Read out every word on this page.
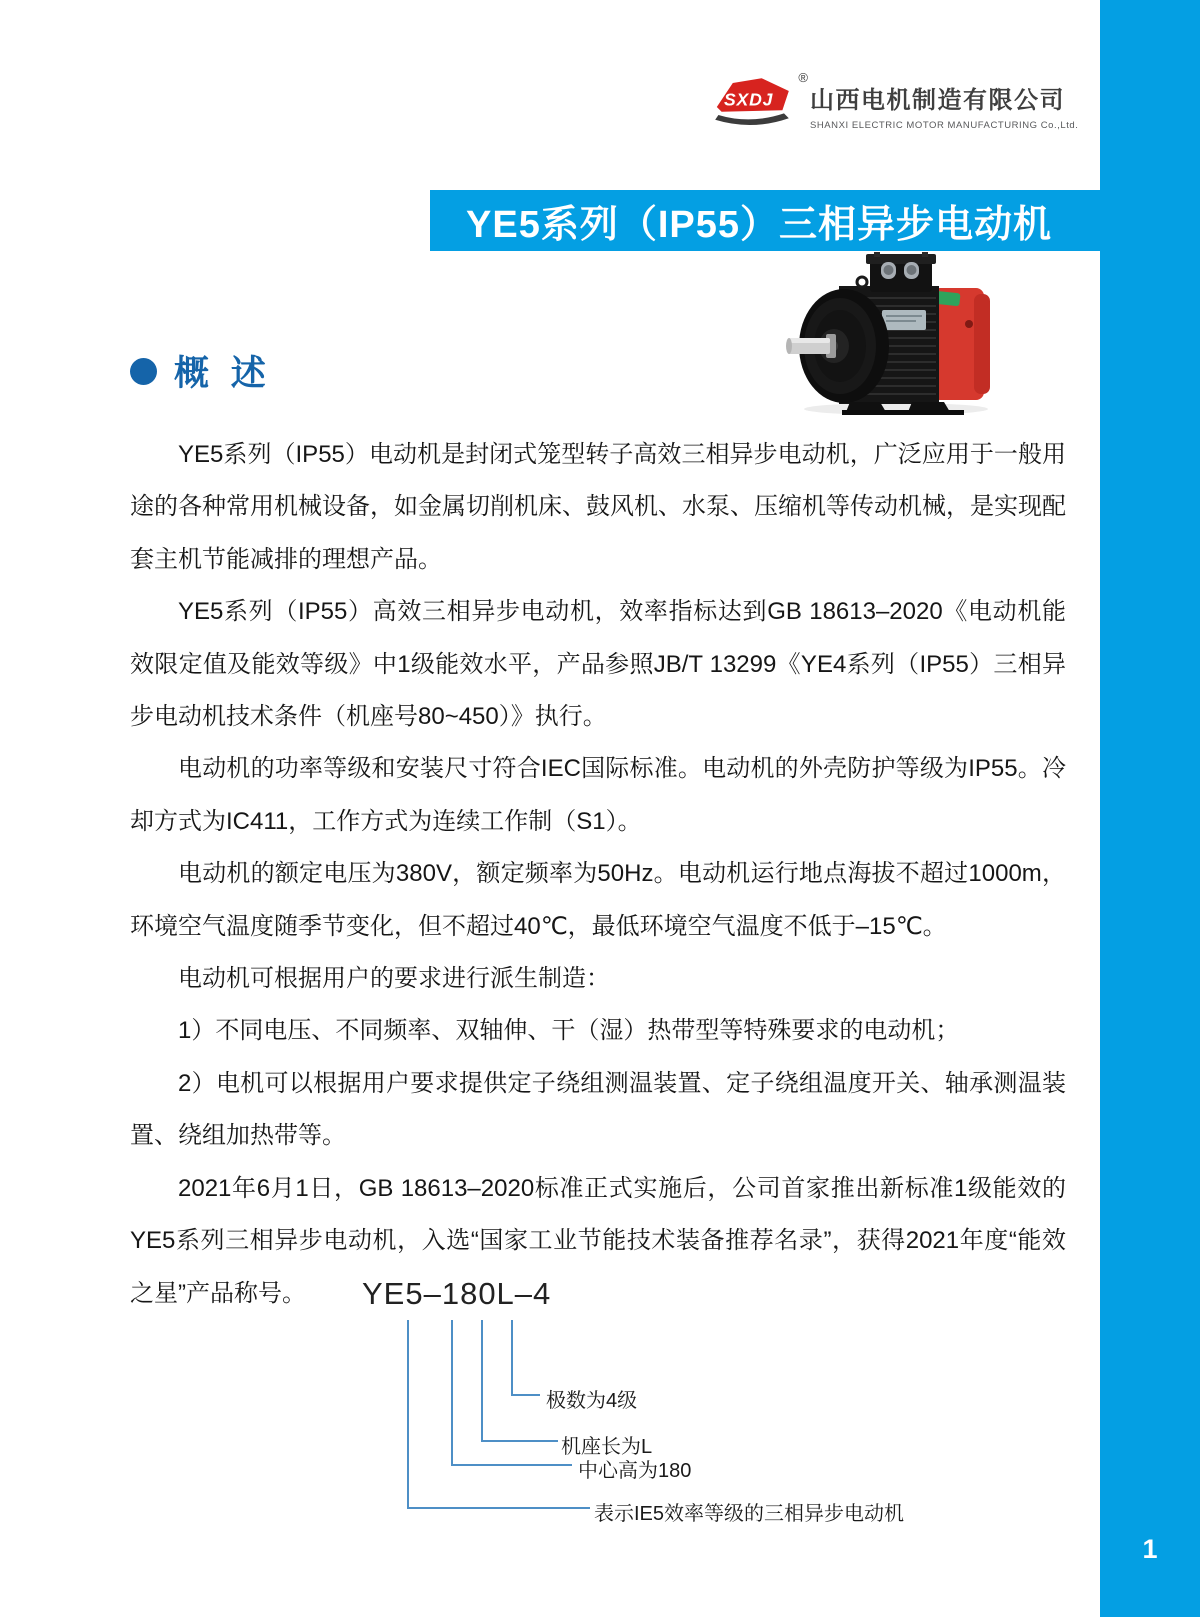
1
SXDJ
®
山西电机制造有限公司
SHANXI ELECTRIC MOTOR MANUFACTURING Co.,Ltd.
YE5系列（IP55）三相异步电动机
概 述

YE5系列（IP55）电动机是封闭式笼型转子高效三相异步电动机，广泛应用于一般用途的各种常用机械设备，如金属切削机床、鼓风机、水泵、压缩机等传动机械，是实现配套主机节能减排的理想产品。

YE5系列（IP55）高效三相异步电动机，效率指标达到GB 18613–2020《电动机能效限定值及能效等级》中1级能效水平，产品参照JB/T 13299《YE4系列（IP55）三相异步电动机技术条件（机座号80~450）》执行。

电动机的功率等级和安装尺寸符合IEC国际标准。电动机的外壳防护等级为IP55。冷却方式为IC411，工作方式为连续工作制（S1）。

电动机的额定电压为380V，额定频率为50Hz。电动机运行地点海拔不超过1000m，环境空气温度随季节变化，但不超过40℃，最低环境空气温度不低于–15℃。

电动机可根据用户的要求进行派生制造：

1）不同电压、不同频率、双轴伸、干（湿）热带型等特殊要求的电动机；

2）电机可以根据用户要求提供定子绕组测温装置、定子绕组温度开关、轴承测温装置、绕组加热带等。

2021年6月1日，GB 18613–2020标准正式实施后，公司首家推出新标准1级能效的YE5系列三相异步电动机，入选“国家工业节能技术装备推荐名录”，获得2021年度“能效之星”产品称号。	YE5–180L–4
极数为4级
机座长为L
中心高为180
表示IE5效率等级的三相异步电动机
